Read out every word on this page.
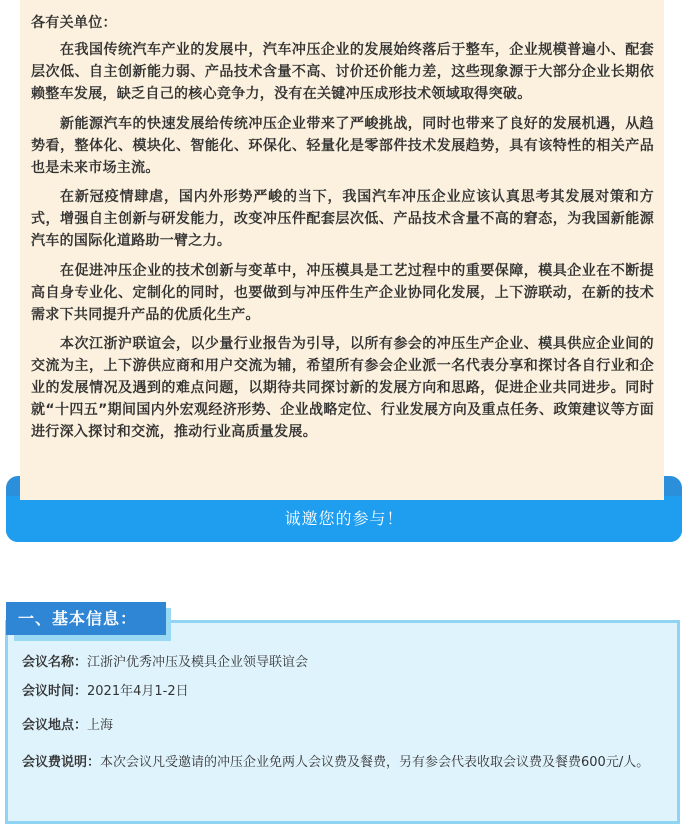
各有关单位：

在我国传统汽车产业的发展中，汽车冲压企业的发展始终落后于整车，企业规模普遍小、配套层次低、自主创新能力弱、产品技术含量不高、讨价还价能力差，这些现象源于大部分企业长期依赖整车发展，缺乏自己的核心竞争力，没有在关键冲压成形技术领域取得突破。

新能源汽车的快速发展给传统冲压企业带来了严峻挑战，同时也带来了良好的发展机遇，从趋势看，整体化、模块化、智能化、环保化、轻量化是零部件技术发展趋势，具有该特性的相关产品也是未来市场主流。

在新冠疫情肆虐，国内外形势严峻的当下，我国汽车冲压企业应该认真思考其发展对策和方式，增强自主创新与研发能力，改变冲压件配套层次低、产品技术含量不高的窘态，为我国新能源汽车的国际化道路助一臂之力。

在促进冲压企业的技术创新与变革中，冲压模具是工艺过程中的重要保障，模具企业在不断提高自身专业化、定制化的同时，也要做到与冲压件生产企业协同化发展，上下游联动，在新的技术需求下共同提升产品的优质化生产。

本次江浙沪联谊会，以少量行业报告为引导，以所有参会的冲压生产企业、模具供应企业间的交流为主，上下游供应商和用户交流为辅，希望所有参会企业派一名代表分享和探讨各自行业和企业的发展情况及遇到的难点问题，以期待共同探讨新的发展方向和思路，促进企业共同进步。同时就“十四五”期间国内外宏观经济形势、企业战略定位、行业发展方向及重点任务、政策建议等方面进行深入探讨和交流，推动行业高质量发展。

诚邀您的参与！
一、基本信息：
会议名称：江浙沪优秀冲压及模具企业领导联谊会
会议时间：2021年4月1-2日
会议地点：上海
会议费说明：本次会议凡受邀请的冲压企业免两人会议费及餐费，另有参会代表收取会议费及餐费600元/人。
